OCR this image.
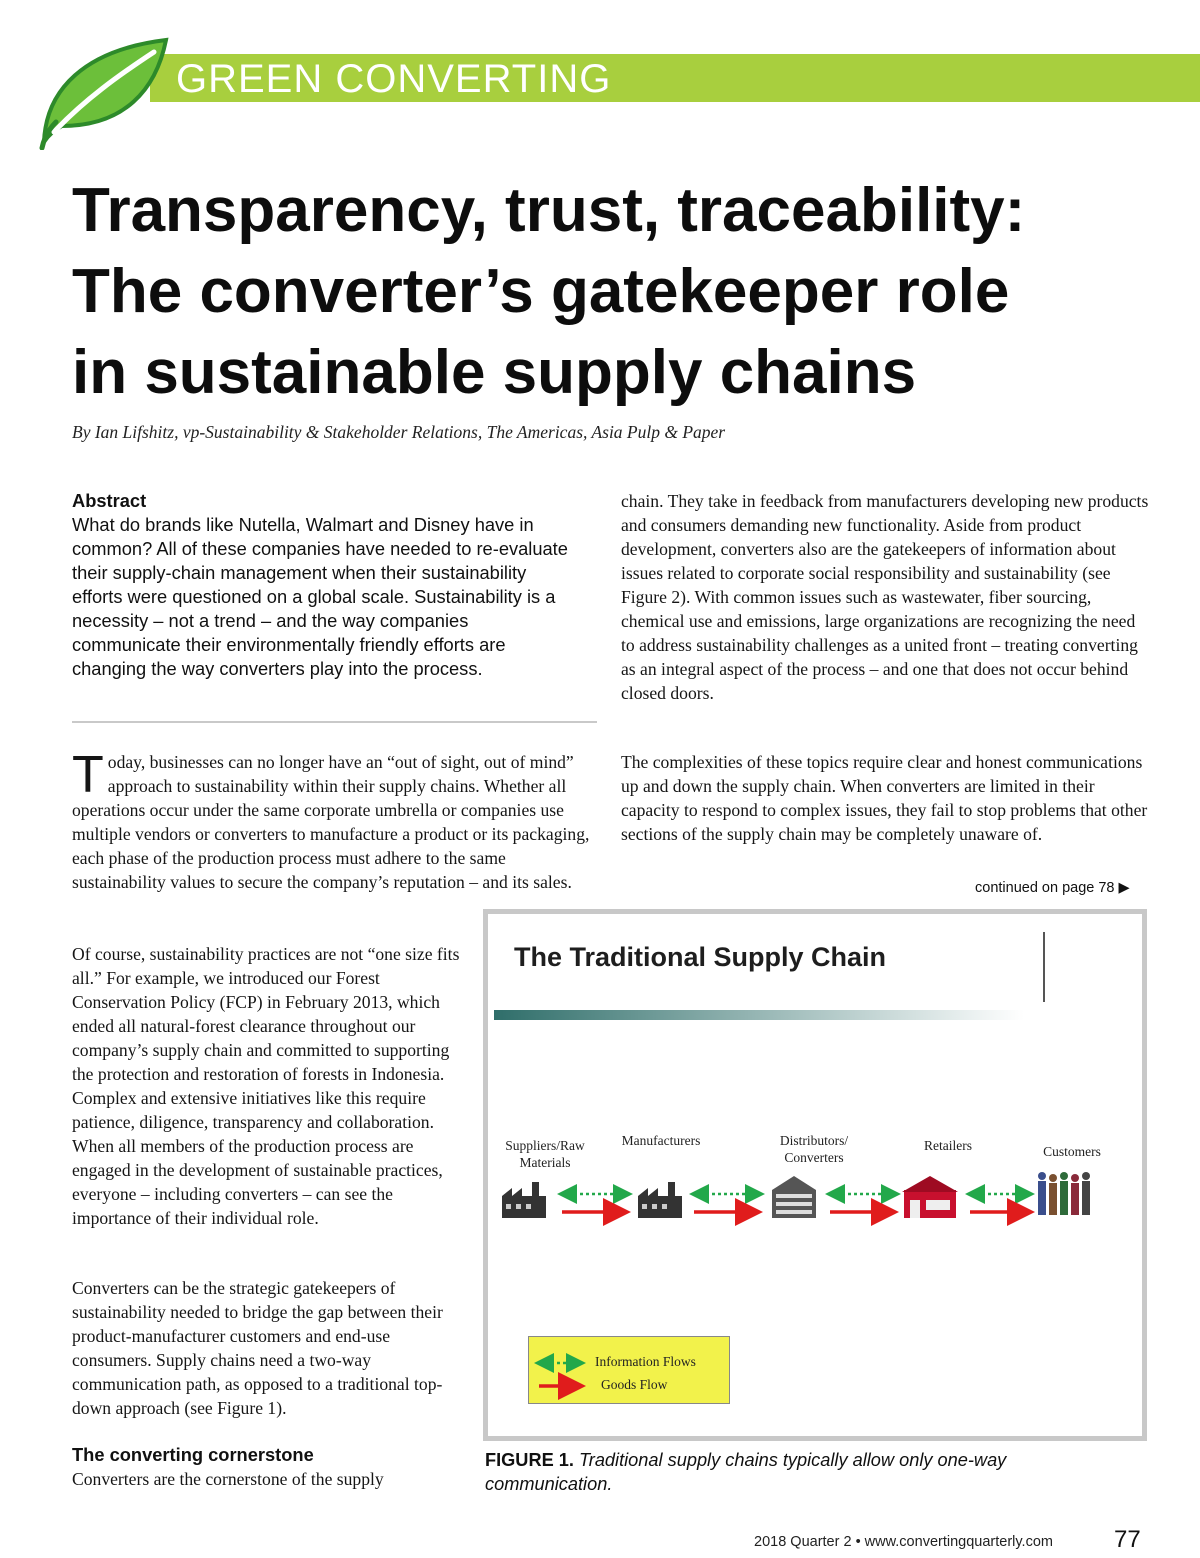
GREEN CONVERTING
Transparency, trust, traceability:
The converter’s gatekeeper role
in sustainable supply chains
By Ian Lifshitz, vp-Sustainability & Stakeholder Relations, The Americas, Asia Pulp & Paper
Abstract
What do brands like Nutella, Walmart and Disney have in common? All of these companies have needed to re-evaluate their supply-chain management when their sustainability efforts were questioned on a global scale. Sustainability is a necessity – not a trend – and the way companies communicate their environmentally friendly efforts are changing the way converters play into the process.
Today, businesses can no longer have an “out of sight, out of mind” approach to sustainability within their supply chains. Whether all operations occur under the same corporate umbrella or companies use multiple vendors or converters to manufacture a product or its packaging, each phase of the production process must adhere to the same sustainability values to secure the company’s reputation – and its sales.
Of course, sustainability practices are not “one size fits all.” For example, we introduced our Forest Conservation Policy (FCP) in February 2013, which ended all natural-forest clearance throughout our company’s supply chain and committed to supporting the protection and restoration of forests in Indonesia. Complex and extensive initiatives like this require patience, diligence, transparency and collaboration. When all members of the production process are engaged in the development of sustainable practices, everyone – including converters – can see the importance of their individual role.
Converters can be the strategic gatekeepers of sustainability needed to bridge the gap between their product-manufacturer customers and end-use consumers. Supply chains need a two-way communication path, as opposed to a traditional top-down approach (see Figure 1).
The converting cornerstone
Converters are the cornerstone of the supply
chain. They take in feedback from manufacturers developing new products and consumers demanding new functionality. Aside from product development, converters also are the gatekeepers of information about issues related to corporate social responsibility and sustainability (see Figure 2). With common issues such as wastewater, fiber sourcing, chemical use and emissions, large organizations are recognizing the need to address sustainability challenges as a united front – treating converting as an integral aspect of the process – and one that does not occur behind closed doors.
The complexities of these topics require clear and honest communications up and down the supply chain. When converters are limited in their capacity to respond to complex issues, they fail to stop problems that other sections of the supply chain may be completely unaware of.
continued on page 78 ▶
The Traditional Supply Chain
Suppliers/Raw Materials
Manufacturers	Distributors/ Converters
Retailers	Customers
Information Flows
Goods Flow
FIGURE 1. Traditional supply chains typically allow only one-way communication.
2018 Quarter 2 • www.convertingquarterly.com	77
